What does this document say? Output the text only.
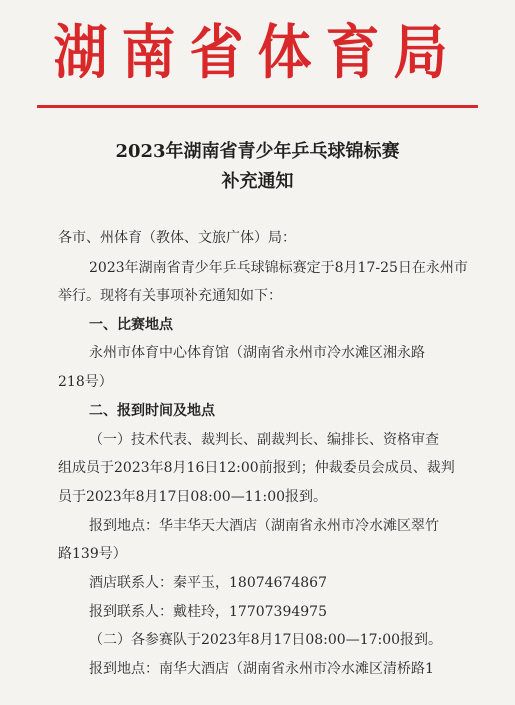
湖南省体育局
2023年湖南省青少年乒乓球锦标赛
补充通知
各市、州体育（教体、文旅广体）局：
2023年湖南省青少年乒乓球锦标赛定于8月17-25日在永州市
举行。现将有关事项补充通知如下：
一、比赛地点
永州市体育中心体育馆（湖南省永州市冷水滩区湘永路
218号）
二、报到时间及地点
（一）技术代表、裁判长、副裁判长、编排长、资格审查
组成员于2023年8月16日12:00前报到；仲裁委员会成员、裁判
员于2023年8月17日08:00—11:00报到。
报到地点：华丰华天大酒店（湖南省永州市冷水滩区翠竹
路139号）
酒店联系人：秦平玉，18074674867
报到联系人：戴桂玲，17707394975
（二）各参赛队于2023年8月17日08:00—17:00报到。
报到地点：南华大酒店（湖南省永州市冷水滩区清桥路1
